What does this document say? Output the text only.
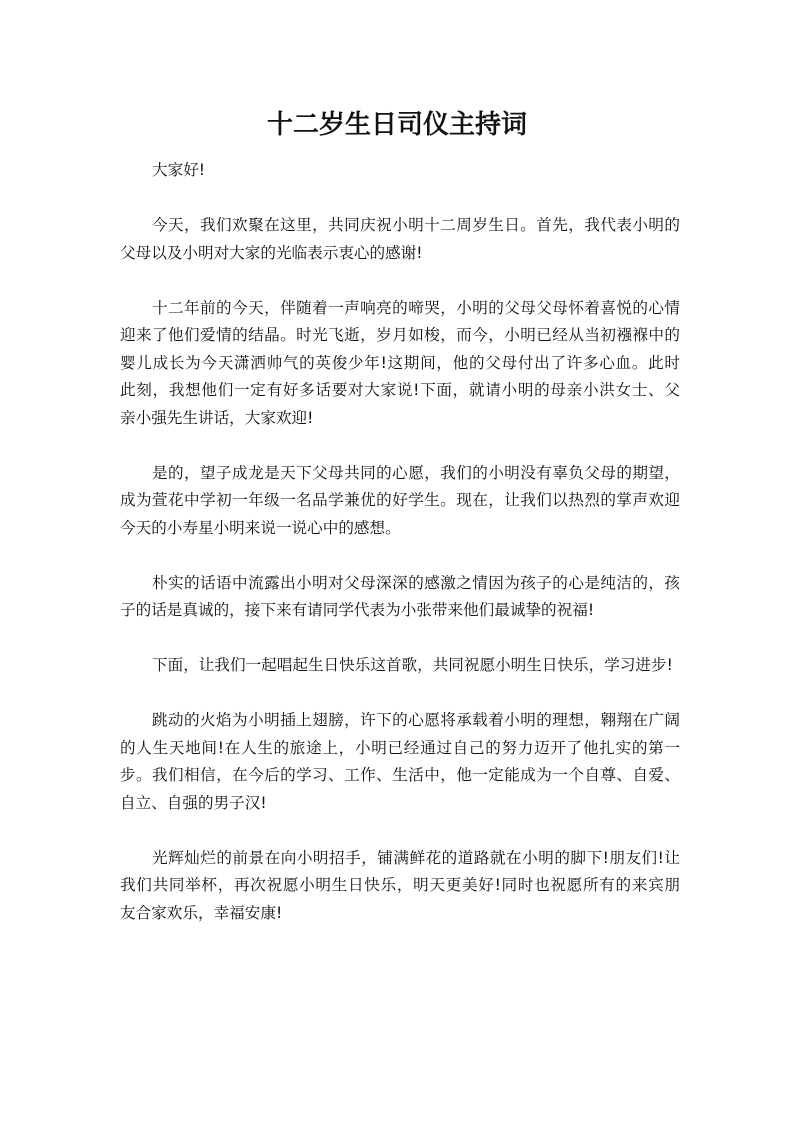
十二岁生日司仪主持词
大家好!
今天，我们欢聚在这里，共同庆祝小明十二周岁生日。首先，我代表小明的
父母以及小明对大家的光临表示衷心的感谢!
十二年前的今天，伴随着一声响亮的啼哭，小明的父母父母怀着喜悦的心情
迎来了他们爱情的结晶。时光飞逝，岁月如梭，而今，小明已经从当初襁褓中的
婴儿成长为今天潇洒帅气的英俊少年!这期间，他的父母付出了许多心血。此时
此刻，我想他们一定有好多话要对大家说!下面，就请小明的母亲小洪女士、父
亲小强先生讲话，大家欢迎!
是的，望子成龙是天下父母共同的心愿，我们的小明没有辜负父母的期望，
成为萱花中学初一年级一名品学兼优的好学生。现在，让我们以热烈的掌声欢迎
今天的小寿星小明来说一说心中的感想。
朴实的话语中流露出小明对父母深深的感激之情因为孩子的心是纯洁的，孩
子的话是真诚的，接下来有请同学代表为小张带来他们最诚挚的祝福!
下面，让我们一起唱起生日快乐这首歌，共同祝愿小明生日快乐，学习进步!
跳动的火焰为小明插上翅膀，许下的心愿将承载着小明的理想，翱翔在广阔
的人生天地间!在人生的旅途上，小明已经通过自己的努力迈开了他扎实的第一
步。我们相信，在今后的学习、工作、生活中，他一定能成为一个自尊、自爱、
自立、自强的男子汉!
光辉灿烂的前景在向小明招手，铺满鲜花的道路就在小明的脚下!朋友们!让
我们共同举杯，再次祝愿小明生日快乐，明天更美好!同时也祝愿所有的来宾朋
友合家欢乐，幸福安康!
